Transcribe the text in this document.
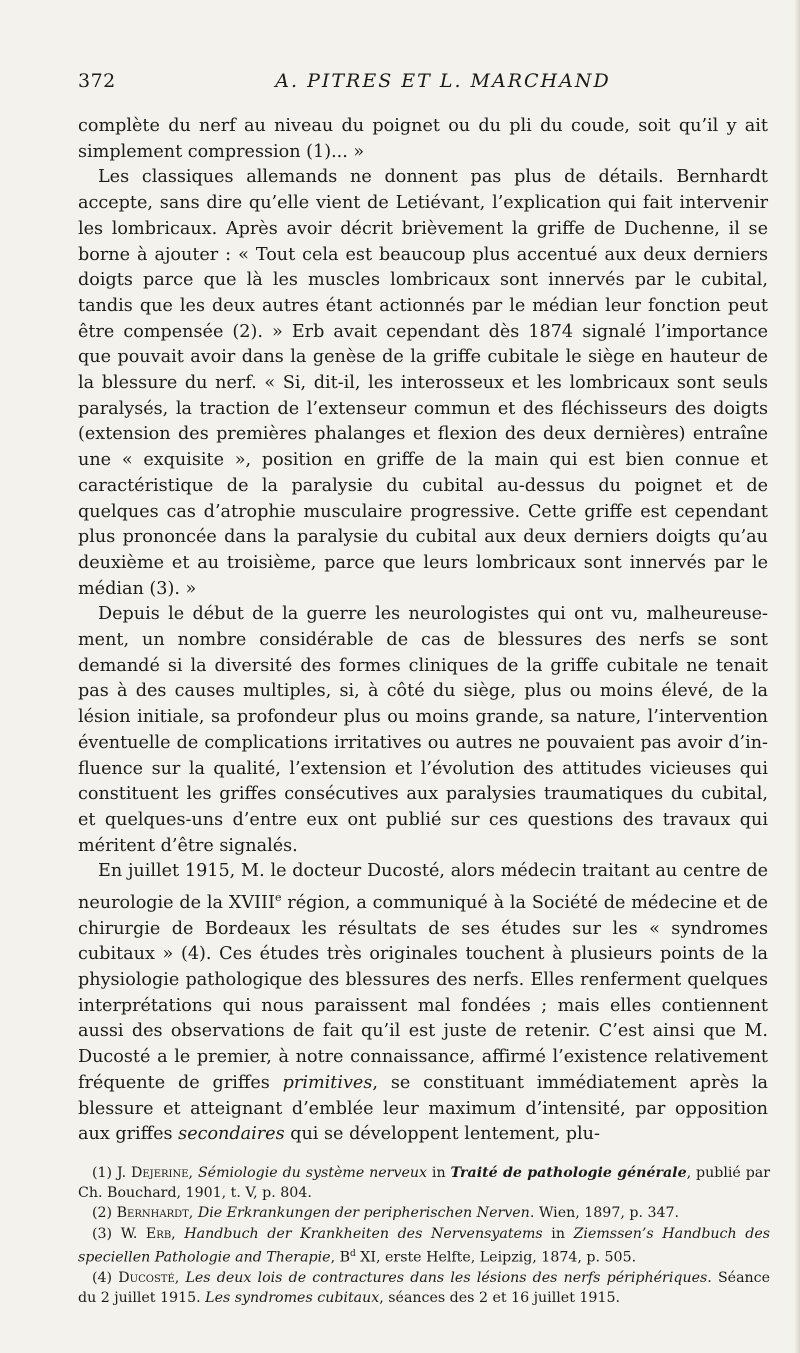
372	A. PITRES ET L. MARCHAND

complète du nerf au niveau du poignet ou du pli du coude, soit qu’il y ait simplement compression (1)... »

Les classiques allemands ne donnent pas plus de détails. Bernhardt accepte, sans dire qu’elle vient de Letiévant, l’explication qui fait intervenir les lombricaux. Après avoir décrit brièvement la griffe de Duchenne, il se borne à ajouter : « Tout cela est beaucoup plus accentué aux deux derniers doigts parce que là les muscles lombricaux sont innervés par le cubital, tandis que les deux autres étant actionnés par le médian leur fonction peut être compensée (2). » Erb avait cependant dès 1874 signalé l’importance que pouvait avoir dans la genèse de la griffe cubitale le siège en hauteur de la blessure du nerf. « Si, dit-il, les interosseux et les lombricaux sont seuls paralysés, la traction de l’extenseur commun et des fléchisseurs des doigts (extension des premières phalanges et flexion des deux dernières) entraîne une « exquisite », position en griffe de la main qui est bien connue et caractéristique de la paralysie du cubital au-dessus du poignet et de quelques cas d’atrophie musculaire progressive. Cette griffe est cependant plus prononcée dans la paralysie du cubital aux deux derniers doigts qu’au deuxième et au troisième, parce que leurs lombricaux sont innervés par le médian (3). »

Depuis le début de la guerre les neurologistes qui ont vu, malheureusement, un nombre considérable de cas de blessures des nerfs se sont demandé si la diversité des formes cliniques de la griffe cubitale ne tenait pas à des causes multiples, si, à côté du siège, plus ou moins élevé, de la lésion initiale, sa profondeur plus ou moins grande, sa nature, l’intervention éventuelle de complications irritatives ou autres ne pouvaient pas avoir d’influence sur la qualité, l’extension et l’évolution des attitudes vicieuses qui constituent les griffes consécutives aux paralysies traumatiques du cubital, et quelques-uns d’entre eux ont publié sur ces questions des travaux qui méritent d’être signalés.

En juillet 1915, M. le docteur Ducosté, alors médecin traitant au centre de neurologie de la XVIIIe région, a communiqué à la Société de médecine et de chirurgie de Bordeaux les résultats de ses études sur les « syndromes cubitaux » (4). Ces études très originales touchent à plusieurs points de la physiologie pathologique des blessures des nerfs. Elles renferment quelques interprétations qui nous paraissent mal fondées ; mais elles contiennent aussi des observations de fait qu’il est juste de retenir. C’est ainsi que M. Ducosté a le premier, à notre connaissance, affirmé l’existence relativement fréquente de griffes primitives, se constituant immédiatement après la blessure et atteignant d’emblée leur maximum d’intensité, par opposition aux griffes secondaires qui se développent lentement, plu-

(1) J. Dejerine, Sémiologie du système nerveux in Traité de pathologie générale, publié par Ch. Bouchard, 1901, t. V, p. 804.

(2) Bernhardt, Die Erkrankungen der peripherischen Nerven. Wien, 1897, p. 347.

(3) W. Erb, Handbuch der Krankheiten des Nervensyatems in Ziemssen’s Handbuch des speciellen Pathologie and Therapie, $B^d$ XI, erste Helfte, Leipzig, 1874, p. 505.

(4) Ducosté, Les deux lois de contractures dans les lésions des nerfs périphériques. Séance du 2 juillet 1915. Les syndromes cubitaux, séances des 2 et 16 juillet 1915.
